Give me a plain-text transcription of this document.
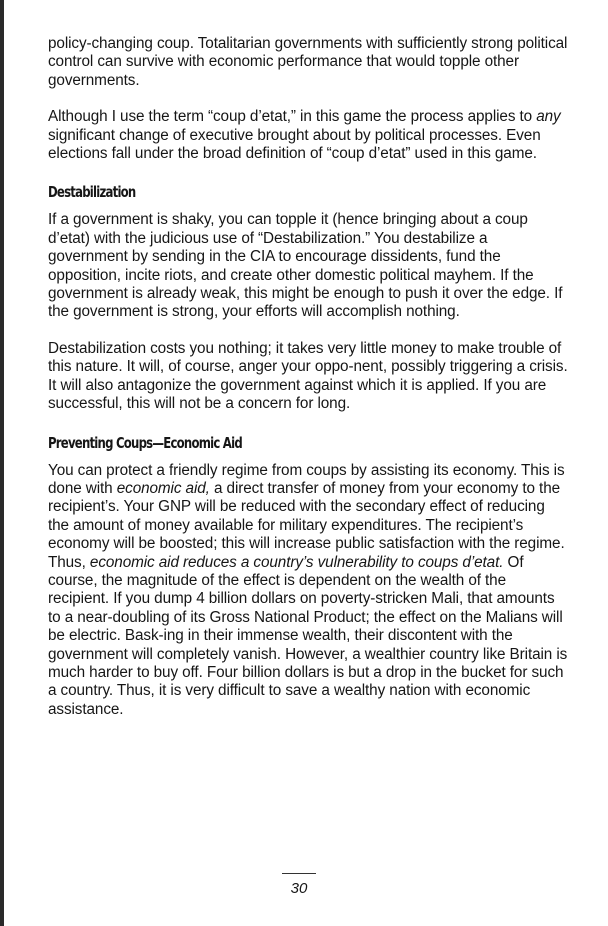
policy-changing coup. Totalitarian governments with sufficiently strong political control can survive with economic performance that would topple other governments.

Although I use the term “coup d’etat,” in this game the process applies to any significant change of executive brought about by political processes. Even elections fall under the broad definition of “coup d’etat” used in this game.

Destabilization

If a government is shaky, you can topple it (hence bringing about a coup d’etat) with the judicious use of “Destabilization.” You destabilize a government by sending in the CIA to encourage dissidents, fund the opposition, incite riots, and create other domestic political mayhem. If the government is already weak, this might be enough to push it over the edge. If the government is strong, your efforts will accomplish nothing.

Destabilization costs you nothing; it takes very little money to make trouble of this nature. It will, of course, anger your oppo-nent, possibly triggering a crisis. It will also antagonize the government against which it is applied. If you are successful, this will not be a concern for long.

Preventing Coups—Economic Aid

You can protect a friendly regime from coups by assisting its economy. This is done with economic aid, a direct transfer of money from your economy to the recipient’s. Your GNP will be reduced with the secondary effect of reducing the amount of money available for military expenditures. The recipient’s economy will be boosted; this will increase public satisfaction with the regime. Thus, economic aid reduces a country’s vulnerability to coups d’etat. Of course, the magnitude of the effect is dependent on the wealth of the recipient. If you dump 4 billion dollars on poverty-stricken Mali, that amounts to a near-doubling of its Gross National Product; the effect on the Malians will be electric. Bask-ing in their immense wealth, their discontent with the government will completely vanish. However, a wealthier country like Britain is much harder to buy off. Four billion dollars is but a drop in the bucket for such a country. Thus, it is very difficult to save a wealthy nation with economic assistance.

30
